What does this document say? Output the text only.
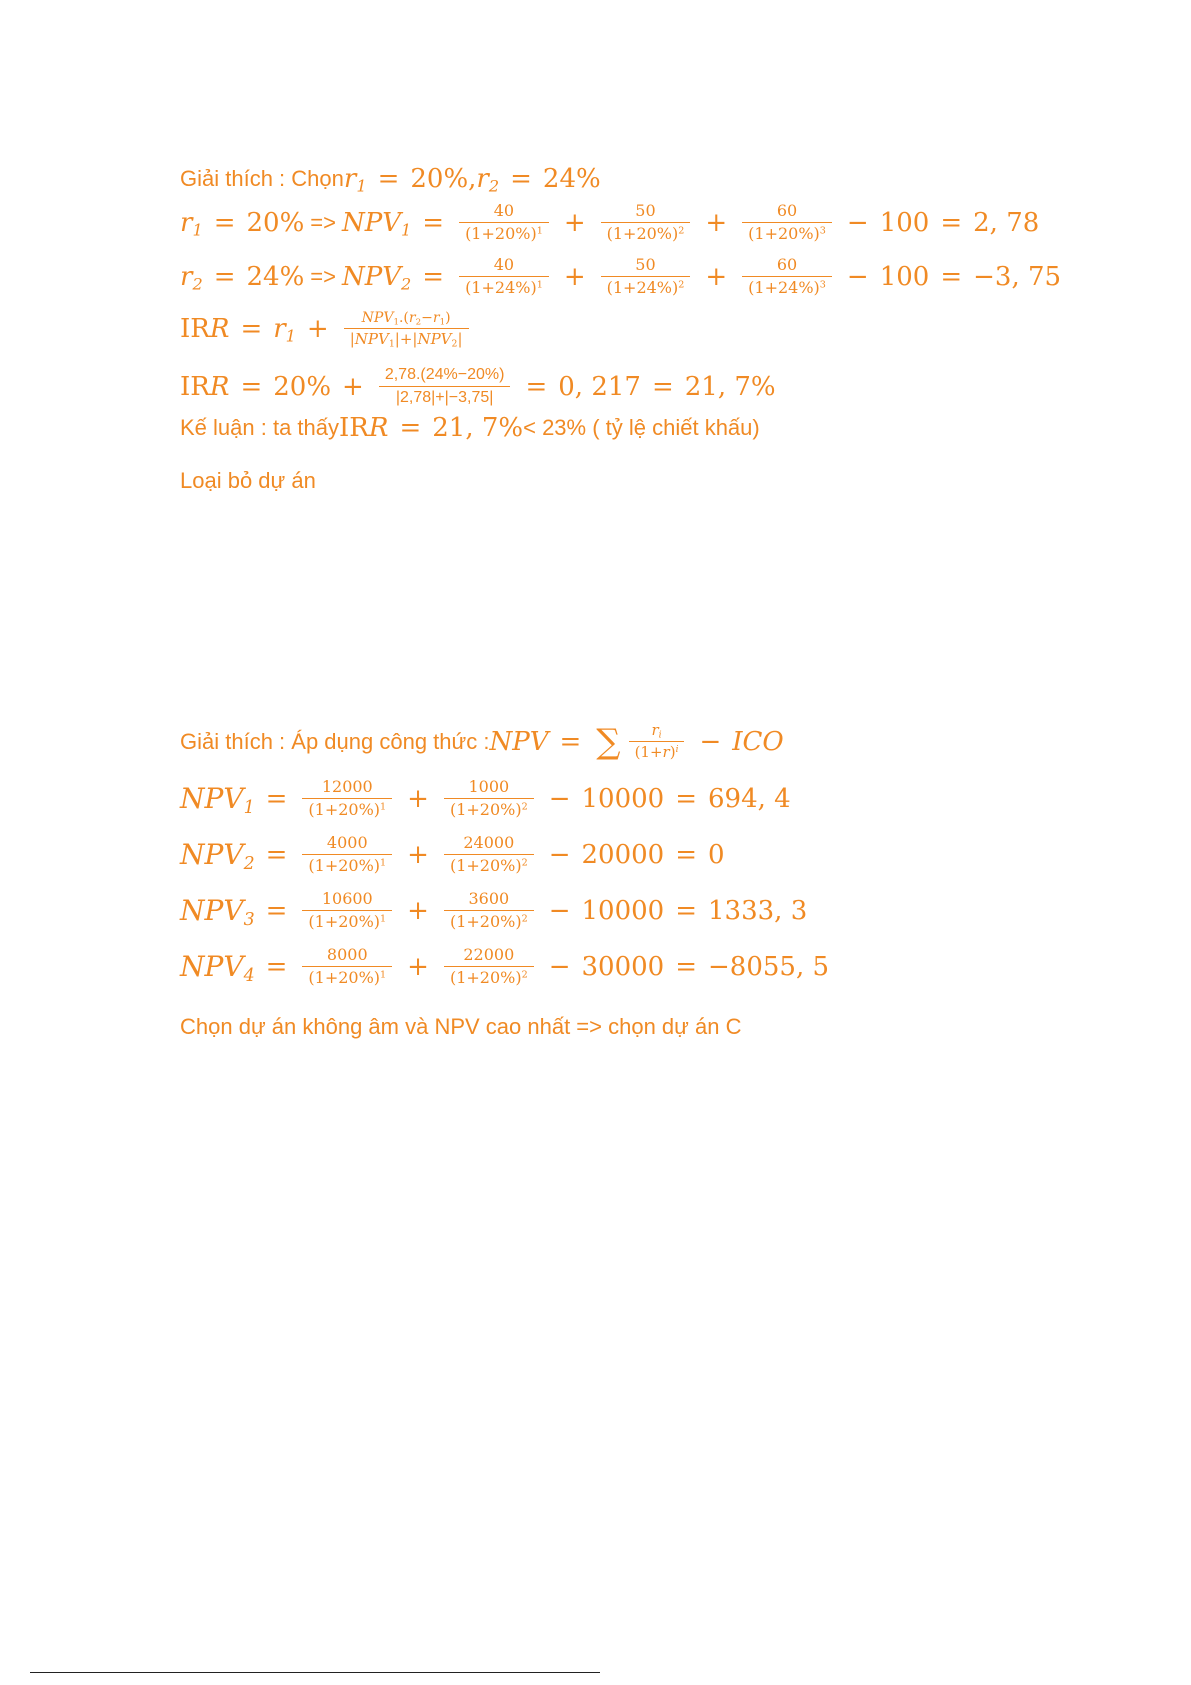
Giải thích : Chọn $r_1 = 20\%$ , $r_2 = 24\%$
$r_1 = 20\% => NPV_1 = \frac{40}{(1+20\%)^1} + \frac{50}{(1+20\%)^2} + \frac{60}{(1+20\%)^3} - 100 = 2$, 78
$r_2 = 24\% => NPV_2 = \frac{40}{(1+24\%)^1} + \frac{50}{(1+24\%)^2} + \frac{60}{(1+24\%)^3} - 100 = -3$, 75
IRR = $r_1 + \frac{NPV_1.(r_2-r_1)}{|NPV_1|+|NPV_2|}$
IRR = $20\% + \frac{2,78.(24\%-20\%)}{|2,78|+|-3,75|} = 0$, 217 = 21, 7%
Kế luận : ta thấy IRR = 21, 7% < 23% ( tỷ lệ chiết khấu)
Loại bỏ dự án
Giải thích : Áp dụng công thức : NPV = ∑ $\frac{r_i}{(1+r)^i}$ − ICO
$NPV_1 = \frac{12000}{(1+20\%)^1} + \frac{1000}{(1+20\%)^2} - 10000 = 694$, 4
$NPV_2 = \frac{4000}{(1+20\%)^1} + \frac{24000}{(1+20\%)^2} - 20000 = 0$
$NPV_3 = \frac{10600}{(1+20\%)^1} + \frac{3600}{(1+20\%)^2} - 10000 = 1333$, 3
$NPV_4 = \frac{8000}{(1+20\%)^1} + \frac{22000}{(1+20\%)^2} - 30000 = -8055$, 5
Chọn dự án không âm và NPV cao nhất => chọn dự án C
